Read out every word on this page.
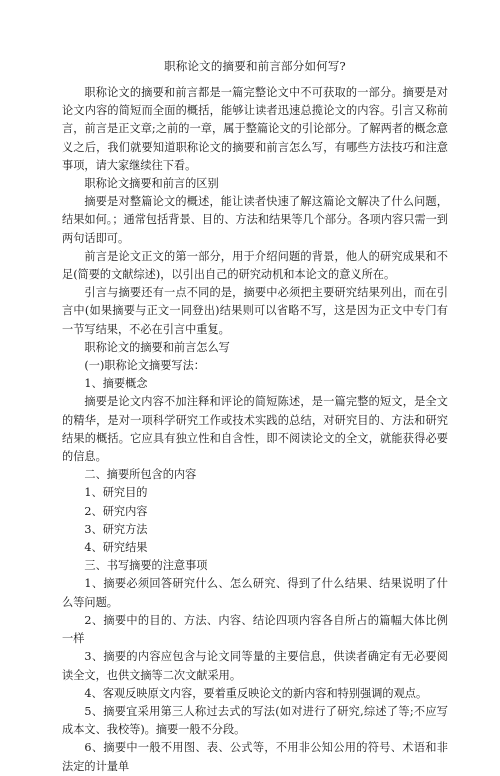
职称论文的摘要和前言部分如何写?
职称论文的摘要和前言都是一篇完整论文中不可获取的一部分。摘要是对论文内容的简短而全面的概括，能够让读者迅速总揽论文的内容。引言又称前言，前言是正文章;之前的一章，属于整篇论文的引论部分。了解两者的概念意义之后，我们就要知道职称论文的摘要和前言怎么写，有哪些方法技巧和注意事项，请大家继续往下看。
职称论文摘要和前言的区别
摘要是对整篇论文的概述，能让读者快速了解这篇论文解决了什么问题，结果如何。；通常包括背景、目的、方法和结果等几个部分。各项内容只需一到两句话即可。
前言是论文正文的第一部分，用于介绍问题的背景，他人的研究成果和不足(简要的文献综述)，以引出自己的研究动机和本论文的意义所在。
引言与摘要还有一点不同的是，摘要中必须把主要研究结果列出，而在引言中(如果摘要与正文一同登出)结果则可以省略不写，这是因为正文中专门有一节写结果，不必在引言中重复。
职称论文的摘要和前言怎么写
(一)职称论文摘要写法：
1、摘要概念
摘要是论文内容不加注释和评论的简短陈述，是一篇完整的短文，是全文的精华，是对一项科学研究工作或技术实践的总结，对研究目的、方法和研究结果的概括。它应具有独立性和自含性，即不阅读论文的全文，就能获得必要的信息。
二、摘要所包含的内容
1、研究目的
2、研究内容
3、研究方法
4、研究结果
三、书写摘要的注意事项
1、摘要必须回答研究什么、怎么研究、得到了什么结果、结果说明了什么等问题。
2、摘要中的目的、方法、内容、结论四项内容各自所占的篇幅大体比例一样
3、摘要的内容应包含与论文同等量的主要信息，供读者确定有无必要阅读全文，也供文摘等二次文献采用。
4、客观反映原文内容，要着重反映论文的新内容和特别强调的观点。
5、摘要宜采用第三人称过去式的写法(如对进行了研究,综述了等;不应写成本文、我校等)。摘要一般不分段。
6、摘要中一般不用图、表、公式等，不用非公知公用的符号、术语和非法定的计量单
